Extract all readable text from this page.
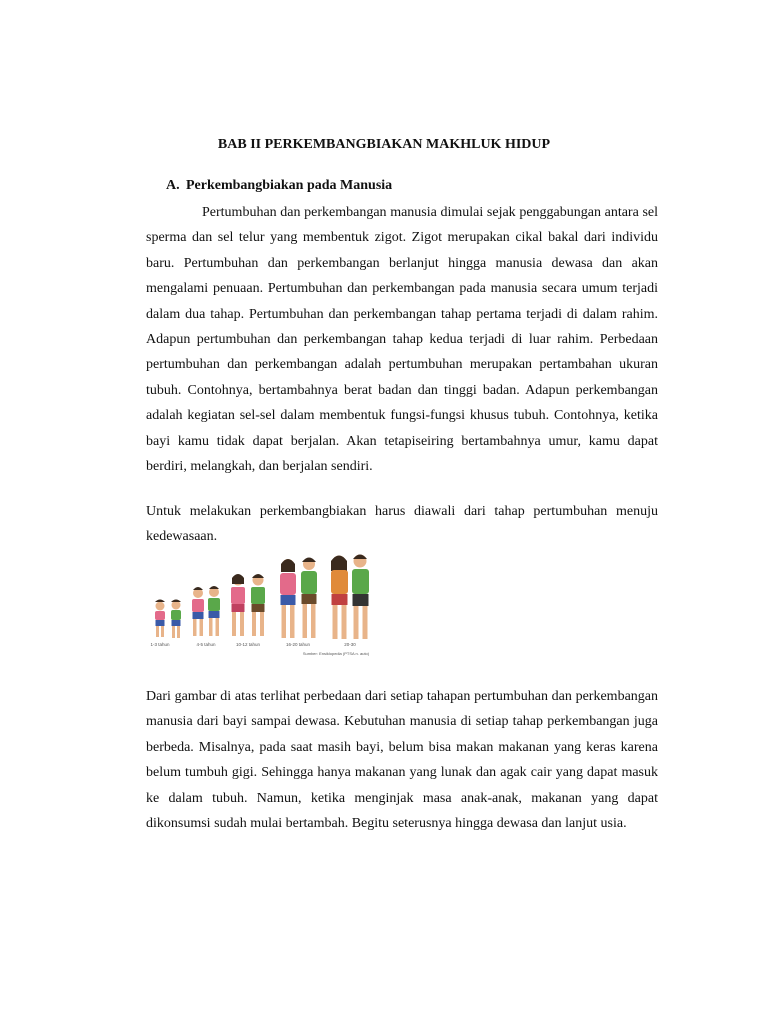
BAB II PERKEMBANGBIAKAN MAKHLUK HIDUP
A. Perkembangbiakan pada Manusia

Pertumbuhan dan perkembangan manusia dimulai sejak penggabungan antara sel sperma dan sel telur yang membentuk zigot. Zigot merupakan cikal bakal dari individu baru. Pertumbuhan dan perkembangan berlanjut hingga manusia dewasa dan akan mengalami penuaan. Pertumbuhan dan perkembangan pada manusia secara umum terjadi dalam dua tahap. Pertumbuhan dan perkembangan tahap pertama terjadi di dalam rahim. Adapun pertumbuhan dan perkembangan tahap kedua terjadi di luar rahim. Perbedaan pertumbuhan dan perkembangan adalah pertumbuhan merupakan pertambahan ukuran tubuh. Contohnya, bertambahnya berat badan dan tinggi badan. Adapun perkembangan adalah kegiatan sel-sel dalam membentuk fungsi-fungsi khusus tubuh. Contohnya, ketika bayi kamu tidak dapat berjalan. Akan tetapiseiring bertambahnya umur, kamu dapat berdiri, melangkah, dan berjalan sendiri.

Untuk melakukan perkembangbiakan harus diawali dari tahap pertumbuhan menuju kedewasaan.

1-3 tahun	4-5 tahun	10-12 tahun	16-20 tahun	20-30
Sumber: Ensiklopedia (PTSA n. auto)

Dari gambar di atas terlihat perbedaan dari setiap tahapan pertumbuhan dan perkembangan manusia dari bayi sampai dewasa. Kebutuhan manusia di setiap tahap perkembangan juga berbeda. Misalnya, pada saat masih bayi, belum bisa makan makanan yang keras karena belum tumbuh gigi. Sehingga hanya makanan yang lunak dan agak cair yang dapat masuk ke dalam tubuh. Namun, ketika menginjak masa anak-anak, makanan yang dapat dikonsumsi sudah mulai bertambah. Begitu seterusnya hingga dewasa dan lanjut usia.
